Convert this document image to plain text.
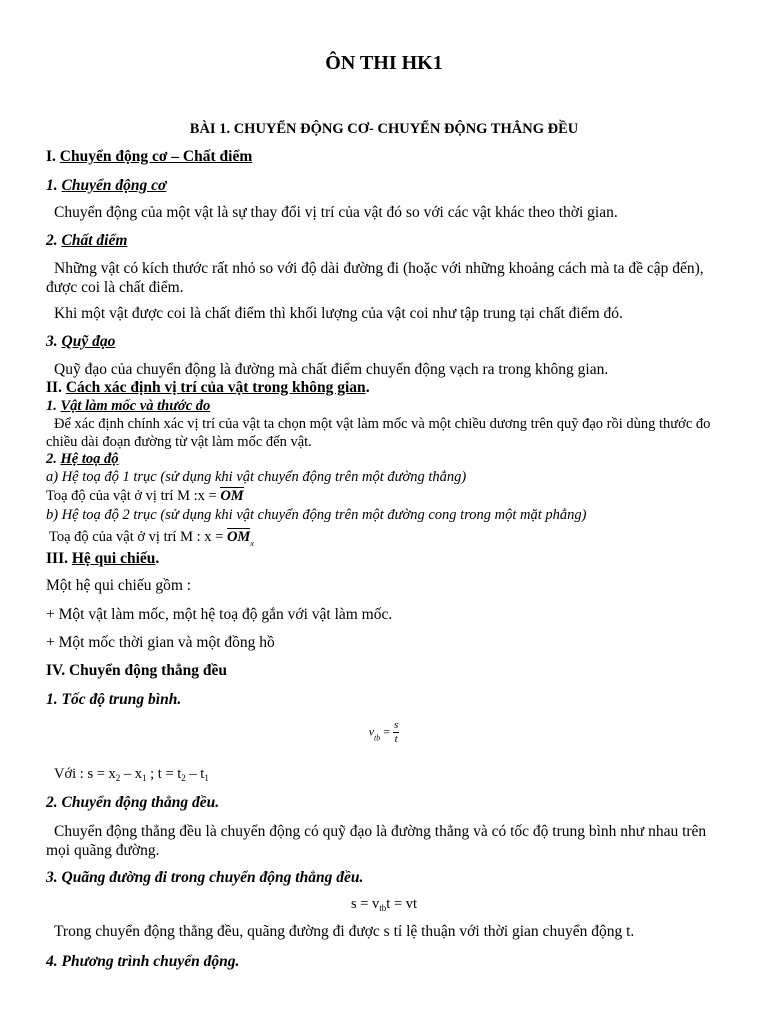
ÔN THI HK1

BÀI 1. CHUYỂN ĐỘNG CƠ- CHUYỂN ĐỘNG THẲNG ĐỀU

I. Chuyển động cơ – Chất điểm

1. Chuyển động cơ

Chuyển động của một vật là sự thay đổi vị trí của vật đó so với các vật khác theo thời gian.

2. Chất điểm

Những vật có kích thước rất nhỏ so với độ dài đường đi (hoặc với những khoảng cách mà ta đề cập đến), được coi là chất điểm.

Khi một vật được coi là chất điểm thì khối lượng của vật coi như tập trung tại chất điểm đó.

3. Quỹ đạo

Quỹ đạo của chuyển động là đường mà chất điểm chuyển động vạch ra trong không gian.

II. Cách xác định vị trí của vật trong không gian.

1. Vật làm mốc và thước đo

Để xác định chính xác vị trí của vật ta chọn một vật làm mốc và một chiều dương trên quỹ đạo rồi dùng thước đo chiều dài đoạn đường từ vật làm mốc đến vật.

2. Hệ toạ độ

a) Hệ toạ độ 1 trục (sử dụng khi vật chuyển động trên một đường thẳng)

Toạ độ của vật ở vị trí M :x = OM

b) Hệ toạ độ 2 trục (sử dụng khi vật chuyển động trên một đường cong trong một mặt phẳng)

Toạ độ của vật ở vị trí M : $x = OM_x$

III. Hệ qui chiếu.

Một hệ qui chiếu gồm :

+ Một vật làm mốc, một hệ toạ độ gắn với vật làm mốc.

+ Một mốc thời gian và một đồng hồ

IV. Chuyển động thẳng đều

1. Tốc độ trung bình.

$v_{tb} = \frac{s}{t}$

Với : $s = x_2 - x_1$ ; $t = t_2 - t_1$

2. Chuyển động thẳng đều.

Chuyển động thẳng đều là chuyển động có quỹ đạo là đường thẳng và có tốc độ trung bình như nhau trên mọi quãng đường.

3. Quãng đường đi trong chuyển động thẳng đều.

$s = v_{tb}t$ = vt

Trong chuyển động thẳng đều, quãng đường đi được s tỉ lệ thuận với thời gian chuyển động t.

4. Phương trình chuyển động.
